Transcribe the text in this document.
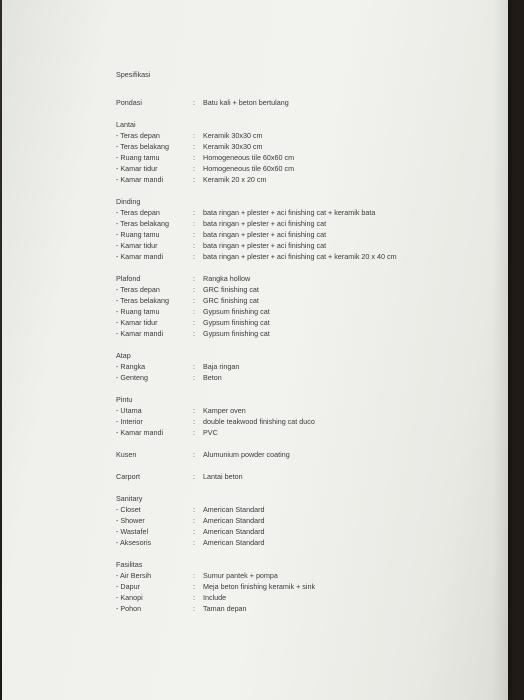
Spesifikasi
Pondasi	: Batu kali + beton bertulang
Lantai
- Teras depan	: Keramik 30x30 cm
- Teras belakang	: Keramik 30x30 cm
- Ruang tamu	: Homogeneous tile 60x60 cm
- Kamar tidur	: Homogeneous tile 60x60 cm
- Kamar mandi	: Keramik 20 x 20 cm
Dinding
- Teras depan	: bata ringan + plester + aci finishing cat + keramik bata
- Teras belakang	: bata ringan + plester + aci finishing cat
- Ruang tamu	: bata ringan + plester + aci finishing cat
- Kamar tidur	: bata ringan + plester + aci finishing cat
- Kamar mandi	: bata ringan + plester + aci finishing cat + keramik 20 x 40 cm
Plafond	: Rangka hollow
- Teras depan	: GRC finishing cat
- Teras belakang	: GRC finishing cat
- Ruang tamu	: Gypsum finishing cat
- Kamar tidur	: Gypsum finishing cat
- Kamar mandi	: Gypsum finishing cat
Atap
- Rangka	: Baja ringan
- Genteng	: Beton
Pintu
- Utama	: Kamper oven
- Interior	: double teakwood finishing cat duco
- Kamar mandi	: PVC
Kusen	: Alumunium powder coating
Carport	: Lantai beton
Sanitary
- Closet	: American Standard
- Shower	: American Standard
- Wastafel	: American Standard
- Aksesoris	: American Standard
Fasilitas
- Air Bersih	: Sumur pantek + pompa
- Dapur	: Meja beton finishing keramik + sink
- Kanopi	: Include
- Pohon	: Taman depan
